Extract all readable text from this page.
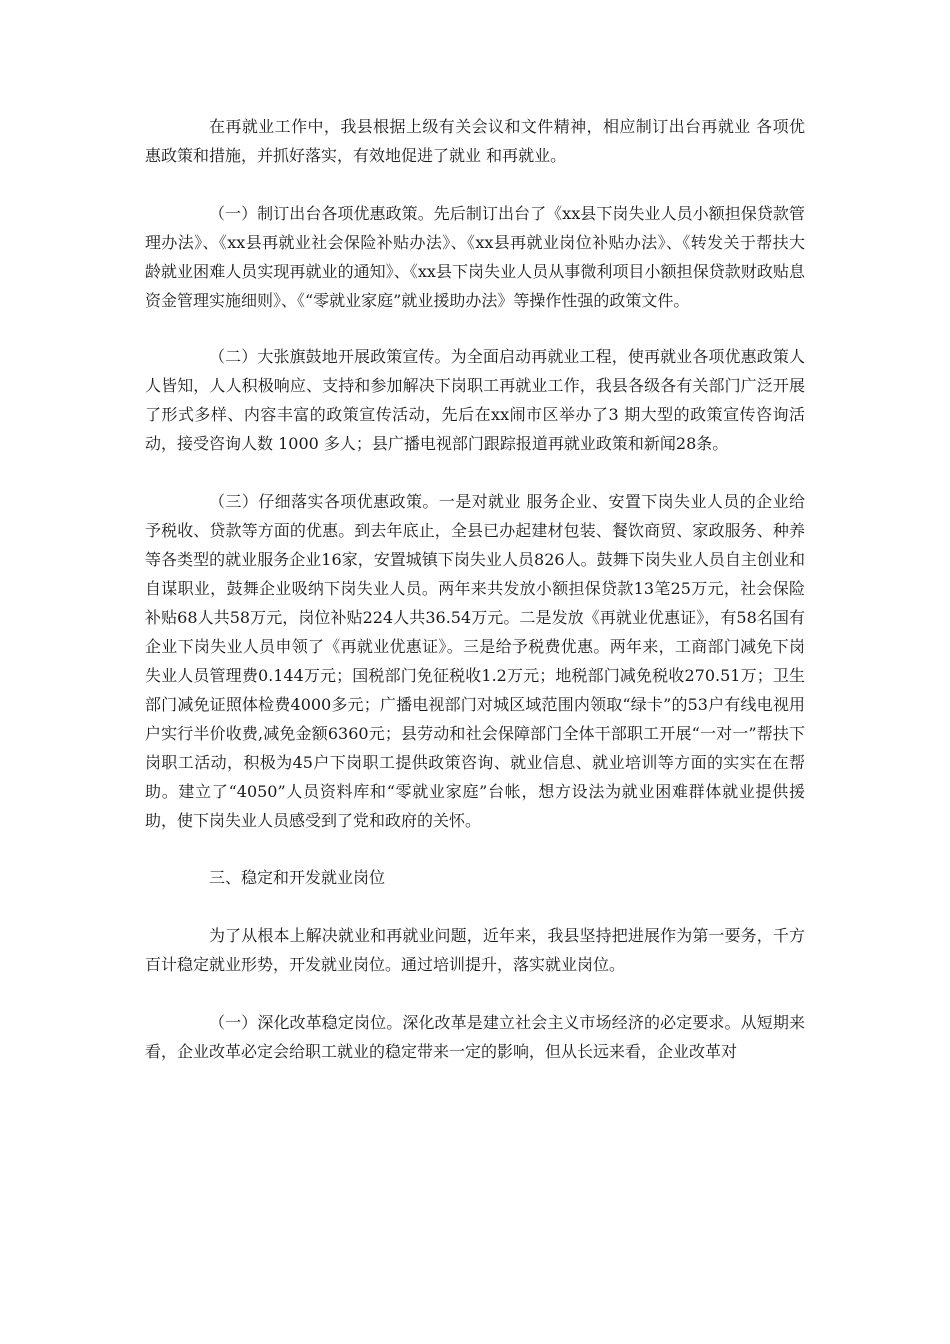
在再就业工作中，我县根据上级有关会议和文件精神，相应制订出台再就业 各项优惠政策和措施，并抓好落实，有效地促进了就业 和再就业。

（一）制订出台各项优惠政策。先后制订出台了《xx县下岗失业人员小额担保贷款管理办法》、《xx县再就业社会保险补贴办法》、《xx县再就业岗位补贴办法》、《转发关于帮扶大龄就业困难人员实现再就业的通知》、《xx县下岗失业人员从事微利项目小额担保贷款财政贴息资金管理实施细则》、《“零就业家庭”就业援助办法》等操作性强的政策文件。

（二）大张旗鼓地开展政策宣传。为全面启动再就业工程，使再就业各项优惠政策人人皆知，人人积极响应、支持和参加解决下岗职工再就业工作，我县各级各有关部门广泛开展了形式多样、内容丰富的政策宣传活动，先后在xx闹市区举办了3 期大型的政策宣传咨询活动，接受咨询人数 1000 多人；县广播电视部门跟踪报道再就业政策和新闻28条。

（三）仔细落实各项优惠政策。一是对就业 服务企业、安置下岗失业人员的企业给予税收、贷款等方面的优惠。到去年底止，全县已办起建材包装、餐饮商贸、家政服务、种养等各类型的就业服务企业16家，安置城镇下岗失业人员826人。鼓舞下岗失业人员自主创业和自谋职业，鼓舞企业吸纳下岗失业人员。两年来共发放小额担保贷款13笔25万元，社会保险补贴68人共58万元，岗位补贴224人共36.54万元。二是发放《再就业优惠证》，有58名国有企业下岗失业人员申领了《再就业优惠证》。三是给予税费优惠。两年来，工商部门减免下岗失业人员管理费0.144万元；国税部门免征税收1.2万元；地税部门减免税收270.51万；卫生部门减免证照体检费4000多元；广播电视部门对城区域范围内领取“绿卡”的53户有线电视用户实行半价收费,减免金额6360元；县劳动和社会保障部门全体干部职工开展“一对一”帮扶下岗职工活动，积极为45户下岗职工提供政策咨询、就业信息、就业培训等方面的实实在在帮助。建立了“4050”人员资料库和“零就业家庭”台帐，想方设法为就业困难群体就业提供援助，使下岗失业人员感受到了党和政府的关怀。

三、稳定和开发就业岗位

为了从根本上解决就业和再就业问题，近年来，我县坚持把进展作为第一要务，千方百计稳定就业形势，开发就业岗位。通过培训提升，落实就业岗位。

（一）深化改革稳定岗位。深化改革是建立社会主义市场经济的必定要求。从短期来看，企业改革必定会给职工就业的稳定带来一定的影响，但从长远来看，企业改革对
